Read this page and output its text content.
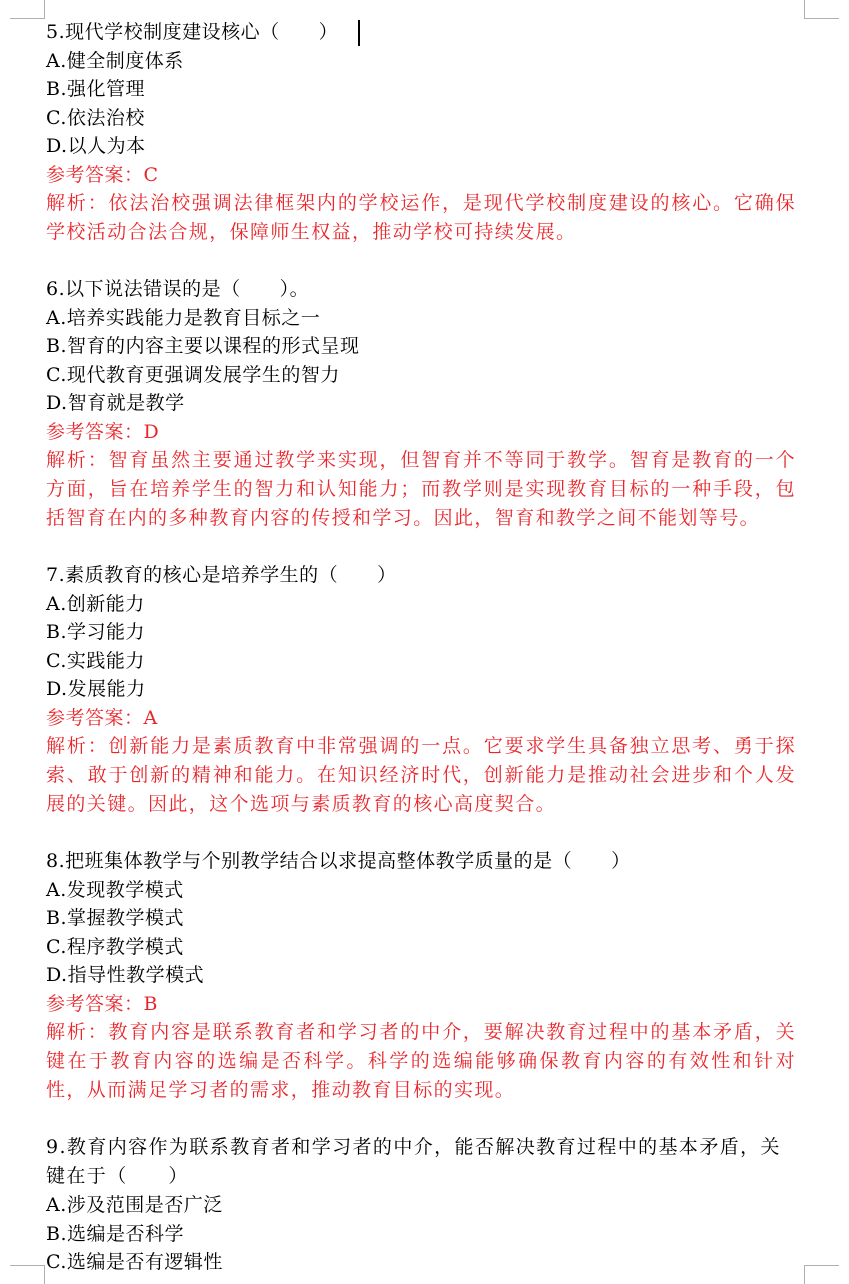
5.现代学校制度建设核心（　　）
A.健全制度体系
B.强化管理
C.依法治校
D.以人为本
参考答案：C
解析：依法治校强调法律框架内的学校运作，是现代学校制度建设的核心。它确保学校活动合法合规，保障师生权益，推动学校可持续发展。
6.以下说法错误的是（　　）。
A.培养实践能力是教育目标之一
B.智育的内容主要以课程的形式呈现
C.现代教育更强调发展学生的智力
D.智育就是教学
参考答案：D
解析：智育虽然主要通过教学来实现，但智育并不等同于教学。智育是教育的一个方面，旨在培养学生的智力和认知能力；而教学则是实现教育目标的一种手段，包括智育在内的多种教育内容的传授和学习。因此，智育和教学之间不能划等号。
7.素质教育的核心是培养学生的（　　）
A.创新能力
B.学习能力
C.实践能力
D.发展能力
参考答案：A
解析：创新能力是素质教育中非常强调的一点。它要求学生具备独立思考、勇于探索、敢于创新的精神和能力。在知识经济时代，创新能力是推动社会进步和个人发展的关键。因此，这个选项与素质教育的核心高度契合。
8.把班集体教学与个别教学结合以求提高整体教学质量的是（　　）
A.发现教学模式
B.掌握教学模式
C.程序教学模式
D.指导性教学模式
参考答案：B
解析：教育内容是联系教育者和学习者的中介，要解决教育过程中的基本矛盾，关键在于教育内容的选编是否科学。科学的选编能够确保教育内容的有效性和针对性，从而满足学习者的需求，推动教育目标的实现。
9.教育内容作为联系教育者和学习者的中介，能否解决教育过程中的基本矛盾，关键在于（　　）
A.涉及范围是否广泛
B.选编是否科学
C.选编是否有逻辑性
